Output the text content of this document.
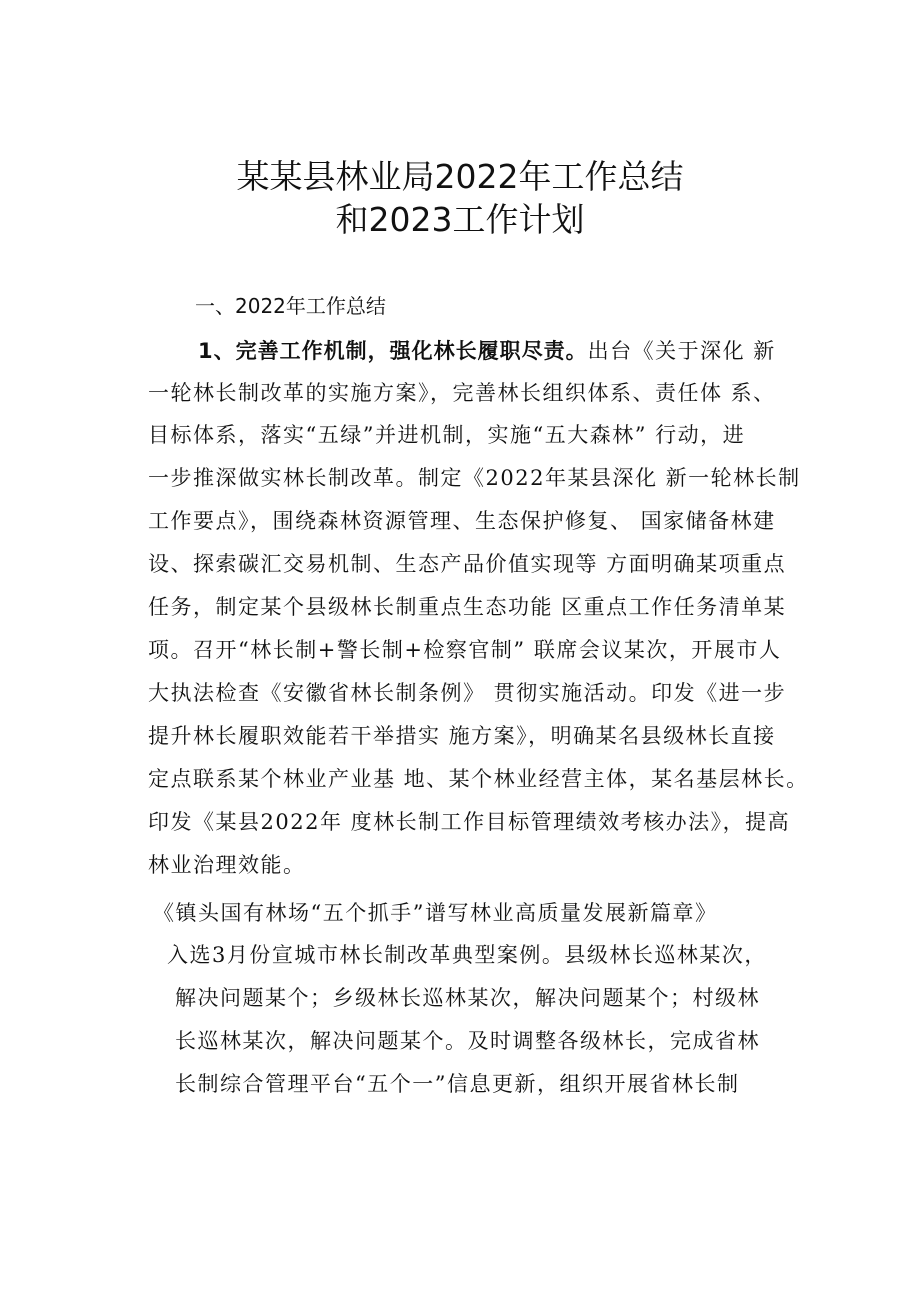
某某县林业局2022年工作总结
和2023工作计划
一、2022年工作总结
1、完善工作机制，强化林长履职尽责。出台《关于深化 新
一轮林长制改革的实施方案》，完善林长组织体系、责任体 系、
目标体系，落实“五绿”并进机制，实施“五大森林” 行动，进
一步推深做实林长制改革。制定《2022年某县深化 新一轮林长制
工作要点》，围绕森林资源管理、生态保护修复、 国家储备林建
设、探索碳汇交易机制、生态产品价值实现等 方面明确某项重点
任务，制定某个县级林长制重点生态功能 区重点工作任务清单某
项。召开“林长制+警长制+检察官制” 联席会议某次，开展市人
大执法检查《安徽省林长制条例》 贯彻实施活动。印发《进一步
提升林长履职效能若干举措实 施方案》，明确某名县级林长直接
定点联系某个林业产业基 地、某个林业经营主体，某名基层林长。
印发《某县2022年 度林长制工作目标管理绩效考核办法》，提高
林业治理效能。
《镇头国有林场“五个抓手”谱写林业高质量发展新篇章》
入选3月份宣城市林长制改革典型案例。县级林长巡林某次，
解决问题某个；乡级林长巡林某次，解决问题某个；村级林
长巡林某次，解决问题某个。及时调整各级林长，完成省林
长制综合管理平台“五个一”信息更新，组织开展省林长制
